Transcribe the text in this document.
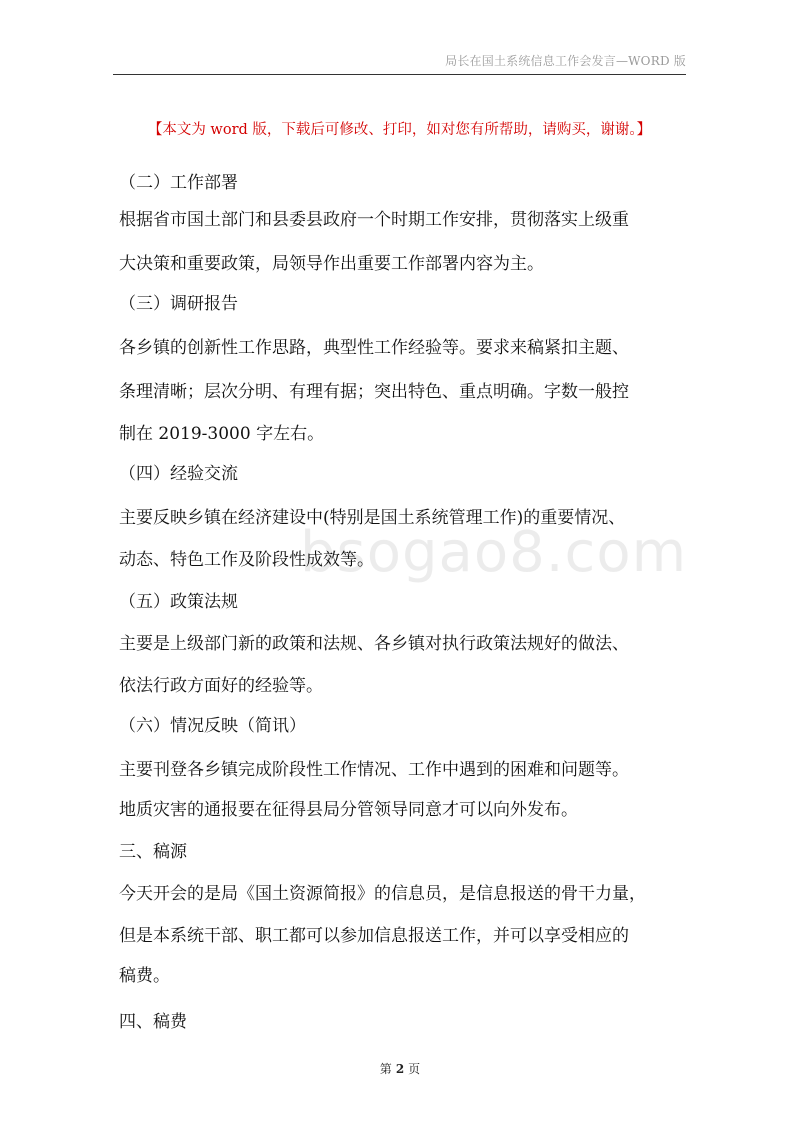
局长在国土系统信息工作会发言—WORD 版
【本文为 word 版，下载后可修改、打印，如对您有所帮助，请购买，谢谢。】
bsogao8.com
（二）工作部署
根据省市国土部门和县委县政府一个时期工作安排，贯彻落实上级重
大决策和重要政策，局领导作出重要工作部署内容为主。
（三）调研报告
各乡镇的创新性工作思路，典型性工作经验等。要求来稿紧扣主题、
条理清晰；层次分明、有理有据；突出特色、重点明确。字数一般控
制在 2019-3000 字左右。
（四）经验交流
主要反映乡镇在经济建设中(特别是国土系统管理工作)的重要情况、
动态、特色工作及阶段性成效等。
（五）政策法规
主要是上级部门新的政策和法规、各乡镇对执行政策法规好的做法、
依法行政方面好的经验等。
（六）情况反映（简讯）
主要刊登各乡镇完成阶段性工作情况、工作中遇到的困难和问题等。
地质灾害的通报要在征得县局分管领导同意才可以向外发布。
三、稿源
今天开会的是局《国土资源简报》的信息员，是信息报送的骨干力量，
但是本系统干部、职工都可以参加信息报送工作，并可以享受相应的
稿费。
四、稿费
第 2 页
